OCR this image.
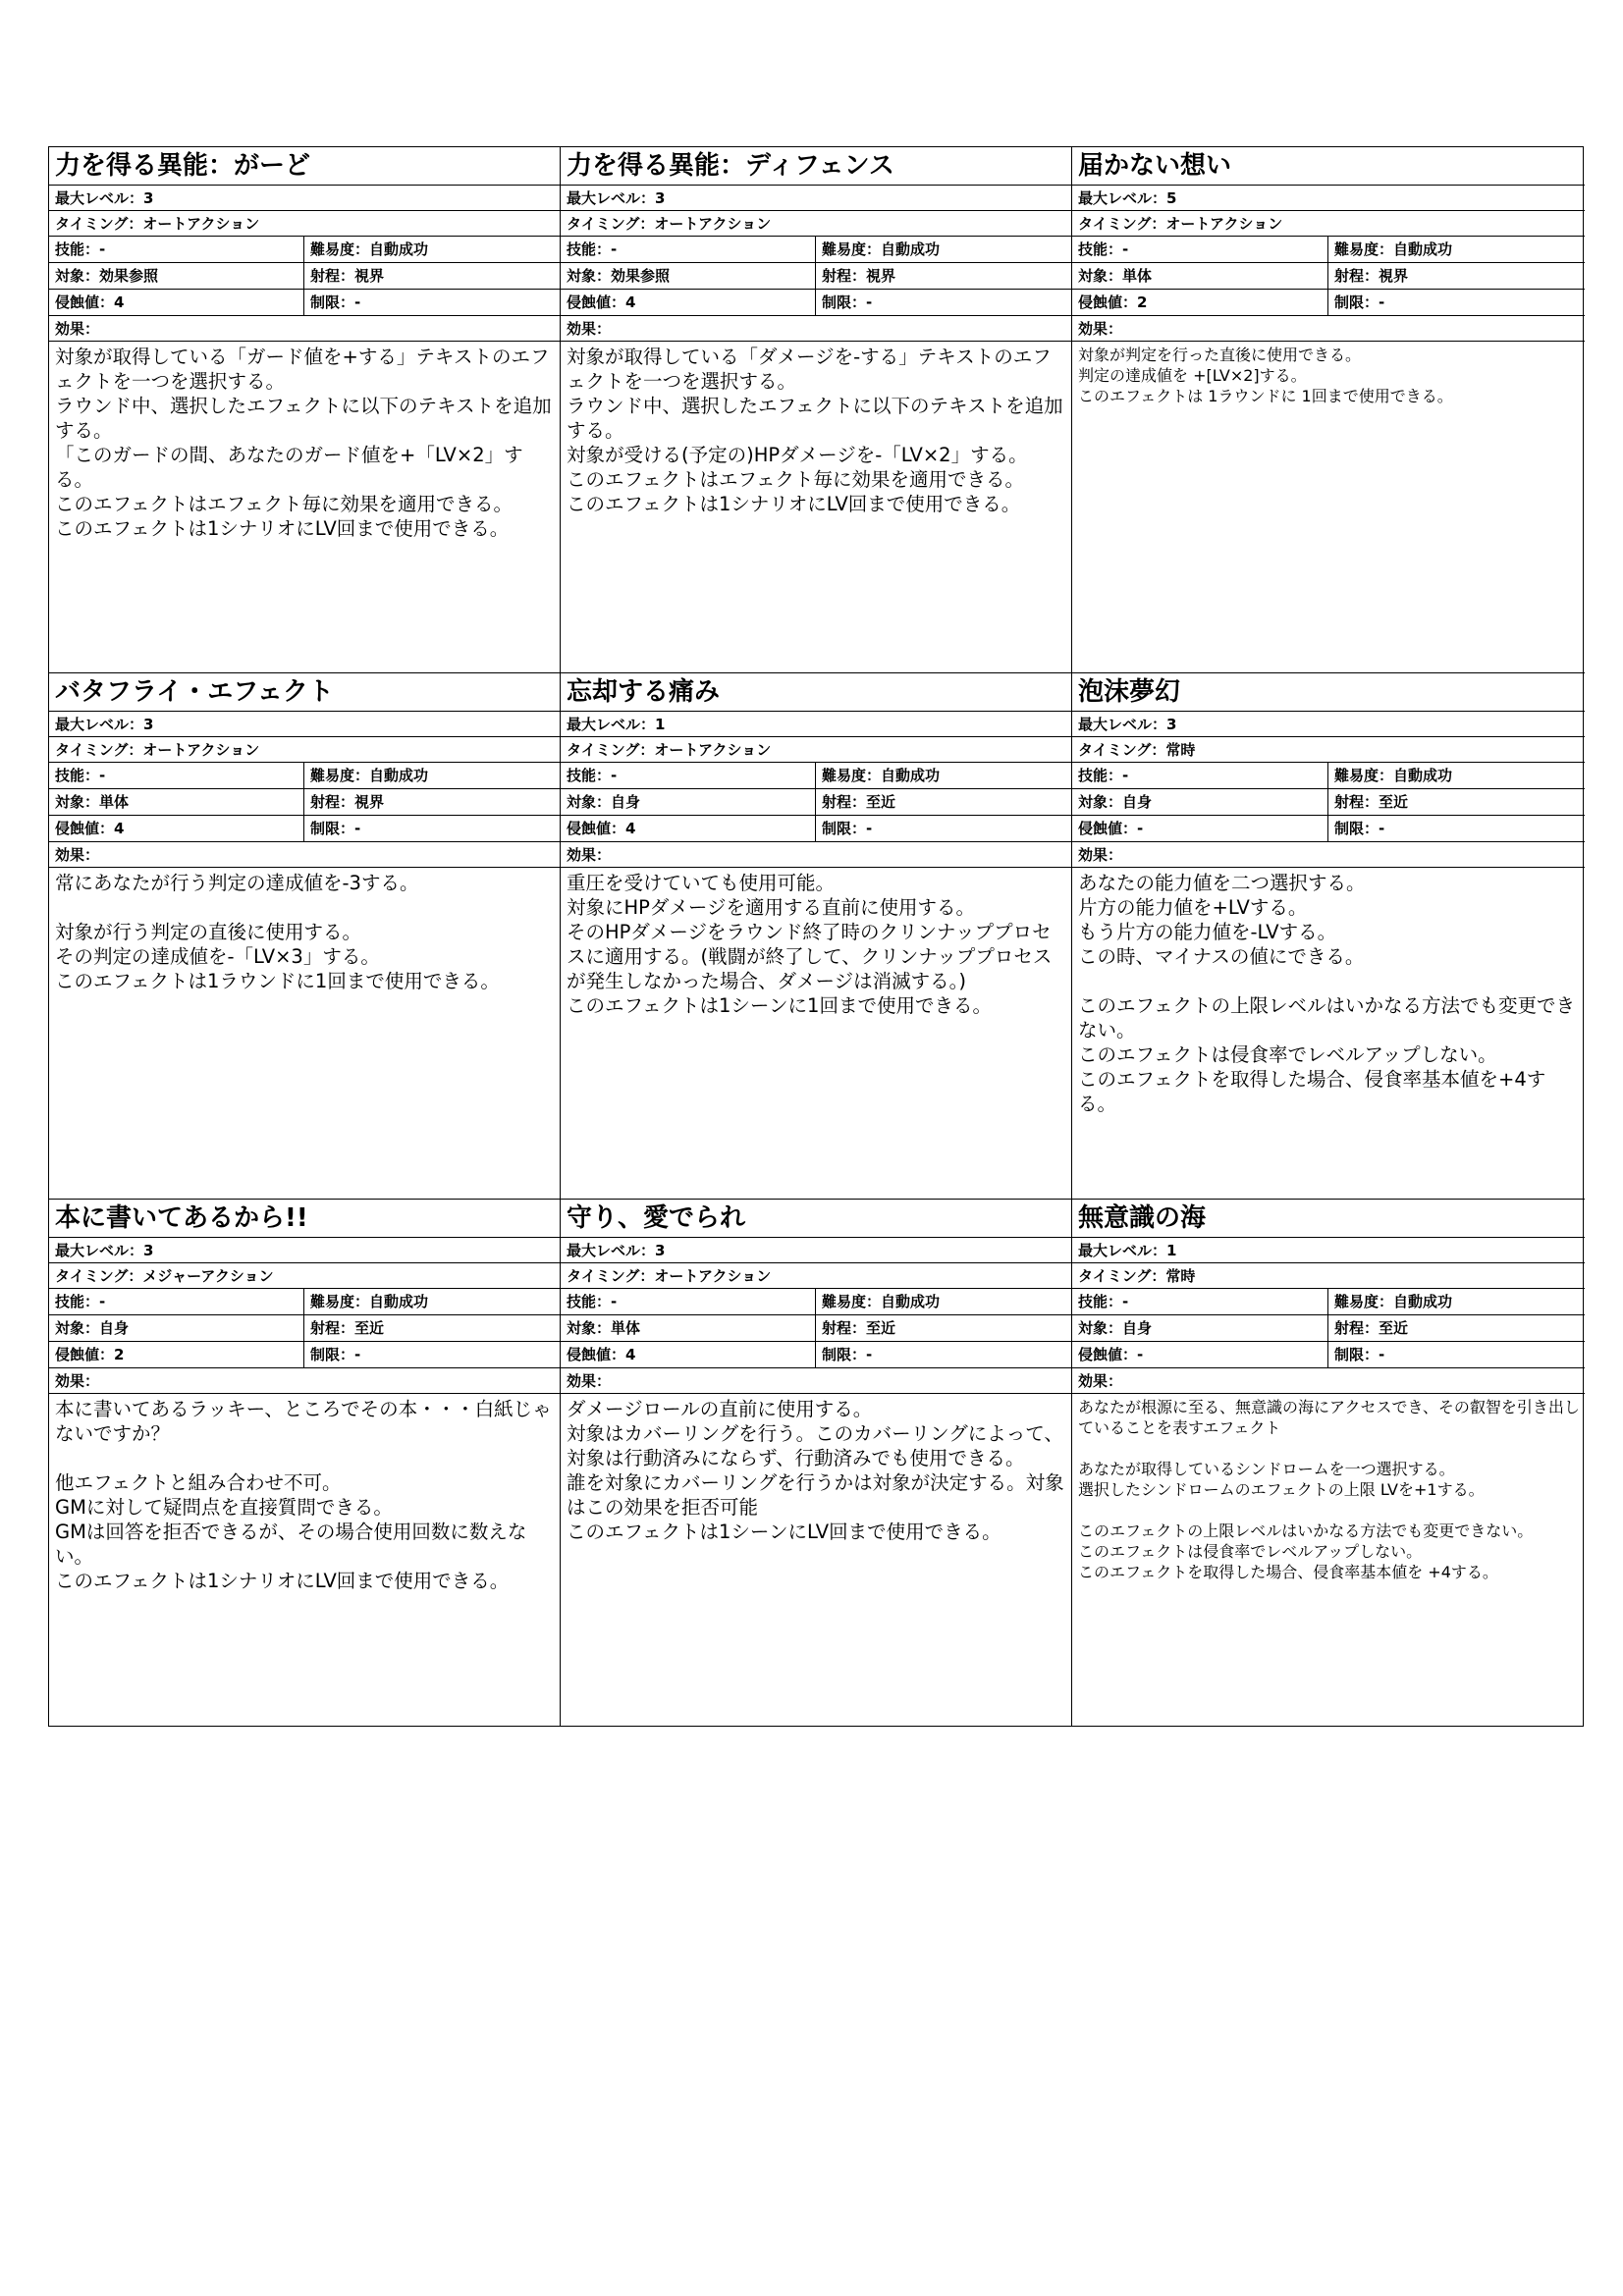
力を得る異能：がーど
最大レベル：3
タイミング：オートアクション
技能：-	難易度：自動成功
対象：効果参照	射程：視界
侵蝕値：4	制限：-
効果：
対象が取得している「ガード値を+する」テキストのエフェクトを一つを選択する。
ラウンド中、選択したエフェクトに以下のテキストを追加する。
「このガードの間、あなたのガード値を+「LV×2」する。
このエフェクトはエフェクト毎に効果を適用できる。
このエフェクトは1シナリオにLV回まで使用できる。
力を得る異能：ディフェンス
最大レベル：3
タイミング：オートアクション
技能：-	難易度：自動成功
対象：効果参照	射程：視界
侵蝕値：4	制限：-
効果：
対象が取得している「ダメージを-する」テキストのエフェクトを一つを選択する。
ラウンド中、選択したエフェクトに以下のテキストを追加する。
対象が受ける(予定の)HPダメージを-「LV×2」する。
このエフェクトはエフェクト毎に効果を適用できる。
このエフェクトは1シナリオにLV回まで使用できる。
届かない想い
最大レベル：5
タイミング：オートアクション
技能：-	難易度：自動成功
対象：単体	射程：視界
侵蝕値：2	制限：-
効果：
対象が判定を行った直後に使用できる。
判定の達成値を +[LV×2]する。
このエフェクトは 1ラウンドに 1回まで使用できる。
バタフライ・エフェクト
最大レベル：3
タイミング：オートアクション
技能：-	難易度：自動成功
対象：単体	射程：視界
侵蝕値：4	制限：-
効果：
常にあなたが行う判定の達成値を-3する。
対象が行う判定の直後に使用する。
その判定の達成値を-「LV×3」する。
このエフェクトは1ラウンドに1回まで使用できる。
忘却する痛み
最大レベル：1
タイミング：オートアクション
技能：-	難易度：自動成功
対象：自身	射程：至近
侵蝕値：4	制限：-
効果：
重圧を受けていても使用可能。
対象にHPダメージを適用する直前に使用する。
そのHPダメージをラウンド終了時のクリンナッププロセスに適用する。(戦闘が終了して、クリンナッププロセスが発生しなかった場合、ダメージは消滅する。)
このエフェクトは1シーンに1回まで使用できる。
泡沫夢幻
最大レベル：3
タイミング：常時
技能：-	難易度：自動成功
対象：自身	射程：至近
侵蝕値：-	制限：-
効果：
あなたの能力値を二つ選択する。
片方の能力値を+LVする。
もう片方の能力値を-LVする。
この時、マイナスの値にできる。
このエフェクトの上限レベルはいかなる方法でも変更できない。
このエフェクトは侵食率でレベルアップしない。
このエフェクトを取得した場合、侵食率基本値を+4する。
本に書いてあるから!!
最大レベル：3
タイミング：メジャーアクション
技能：-	難易度：自動成功
対象：自身	射程：至近
侵蝕値：2	制限：-
効果：
本に書いてあるラッキー、ところでその本・・・白紙じゃないですか？
他エフェクトと組み合わせ不可。
GMに対して疑問点を直接質問できる。
GMは回答を拒否できるが、その場合使用回数に数えない。
このエフェクトは1シナリオにLV回まで使用できる。
守り、愛でられ
最大レベル：3
タイミング：オートアクション
技能：-	難易度：自動成功
対象：単体	射程：至近
侵蝕値：4	制限：-
効果：
ダメージロールの直前に使用する。
対象はカバーリングを行う。このカバーリングによって、対象は行動済みにならず、行動済みでも使用できる。
誰を対象にカバーリングを行うかは対象が決定する。対象はこの効果を拒否可能
このエフェクトは1シーンにLV回まで使用できる。
無意識の海
最大レベル：1
タイミング：常時
技能：-	難易度：自動成功
対象：自身	射程：至近
侵蝕値：-	制限：-
効果：
あなたが根源に至る、無意識の海にアクセスでき、その叡智を引き出していることを表すエフェクト
あなたが取得しているシンドロームを一つ選択する。
選択したシンドロームのエフェクトの上限 LVを+1する。
このエフェクトの上限レベルはいかなる方法でも変更できない。
このエフェクトは侵食率でレベルアップしない。
このエフェクトを取得した場合、侵食率基本値を +4する。
